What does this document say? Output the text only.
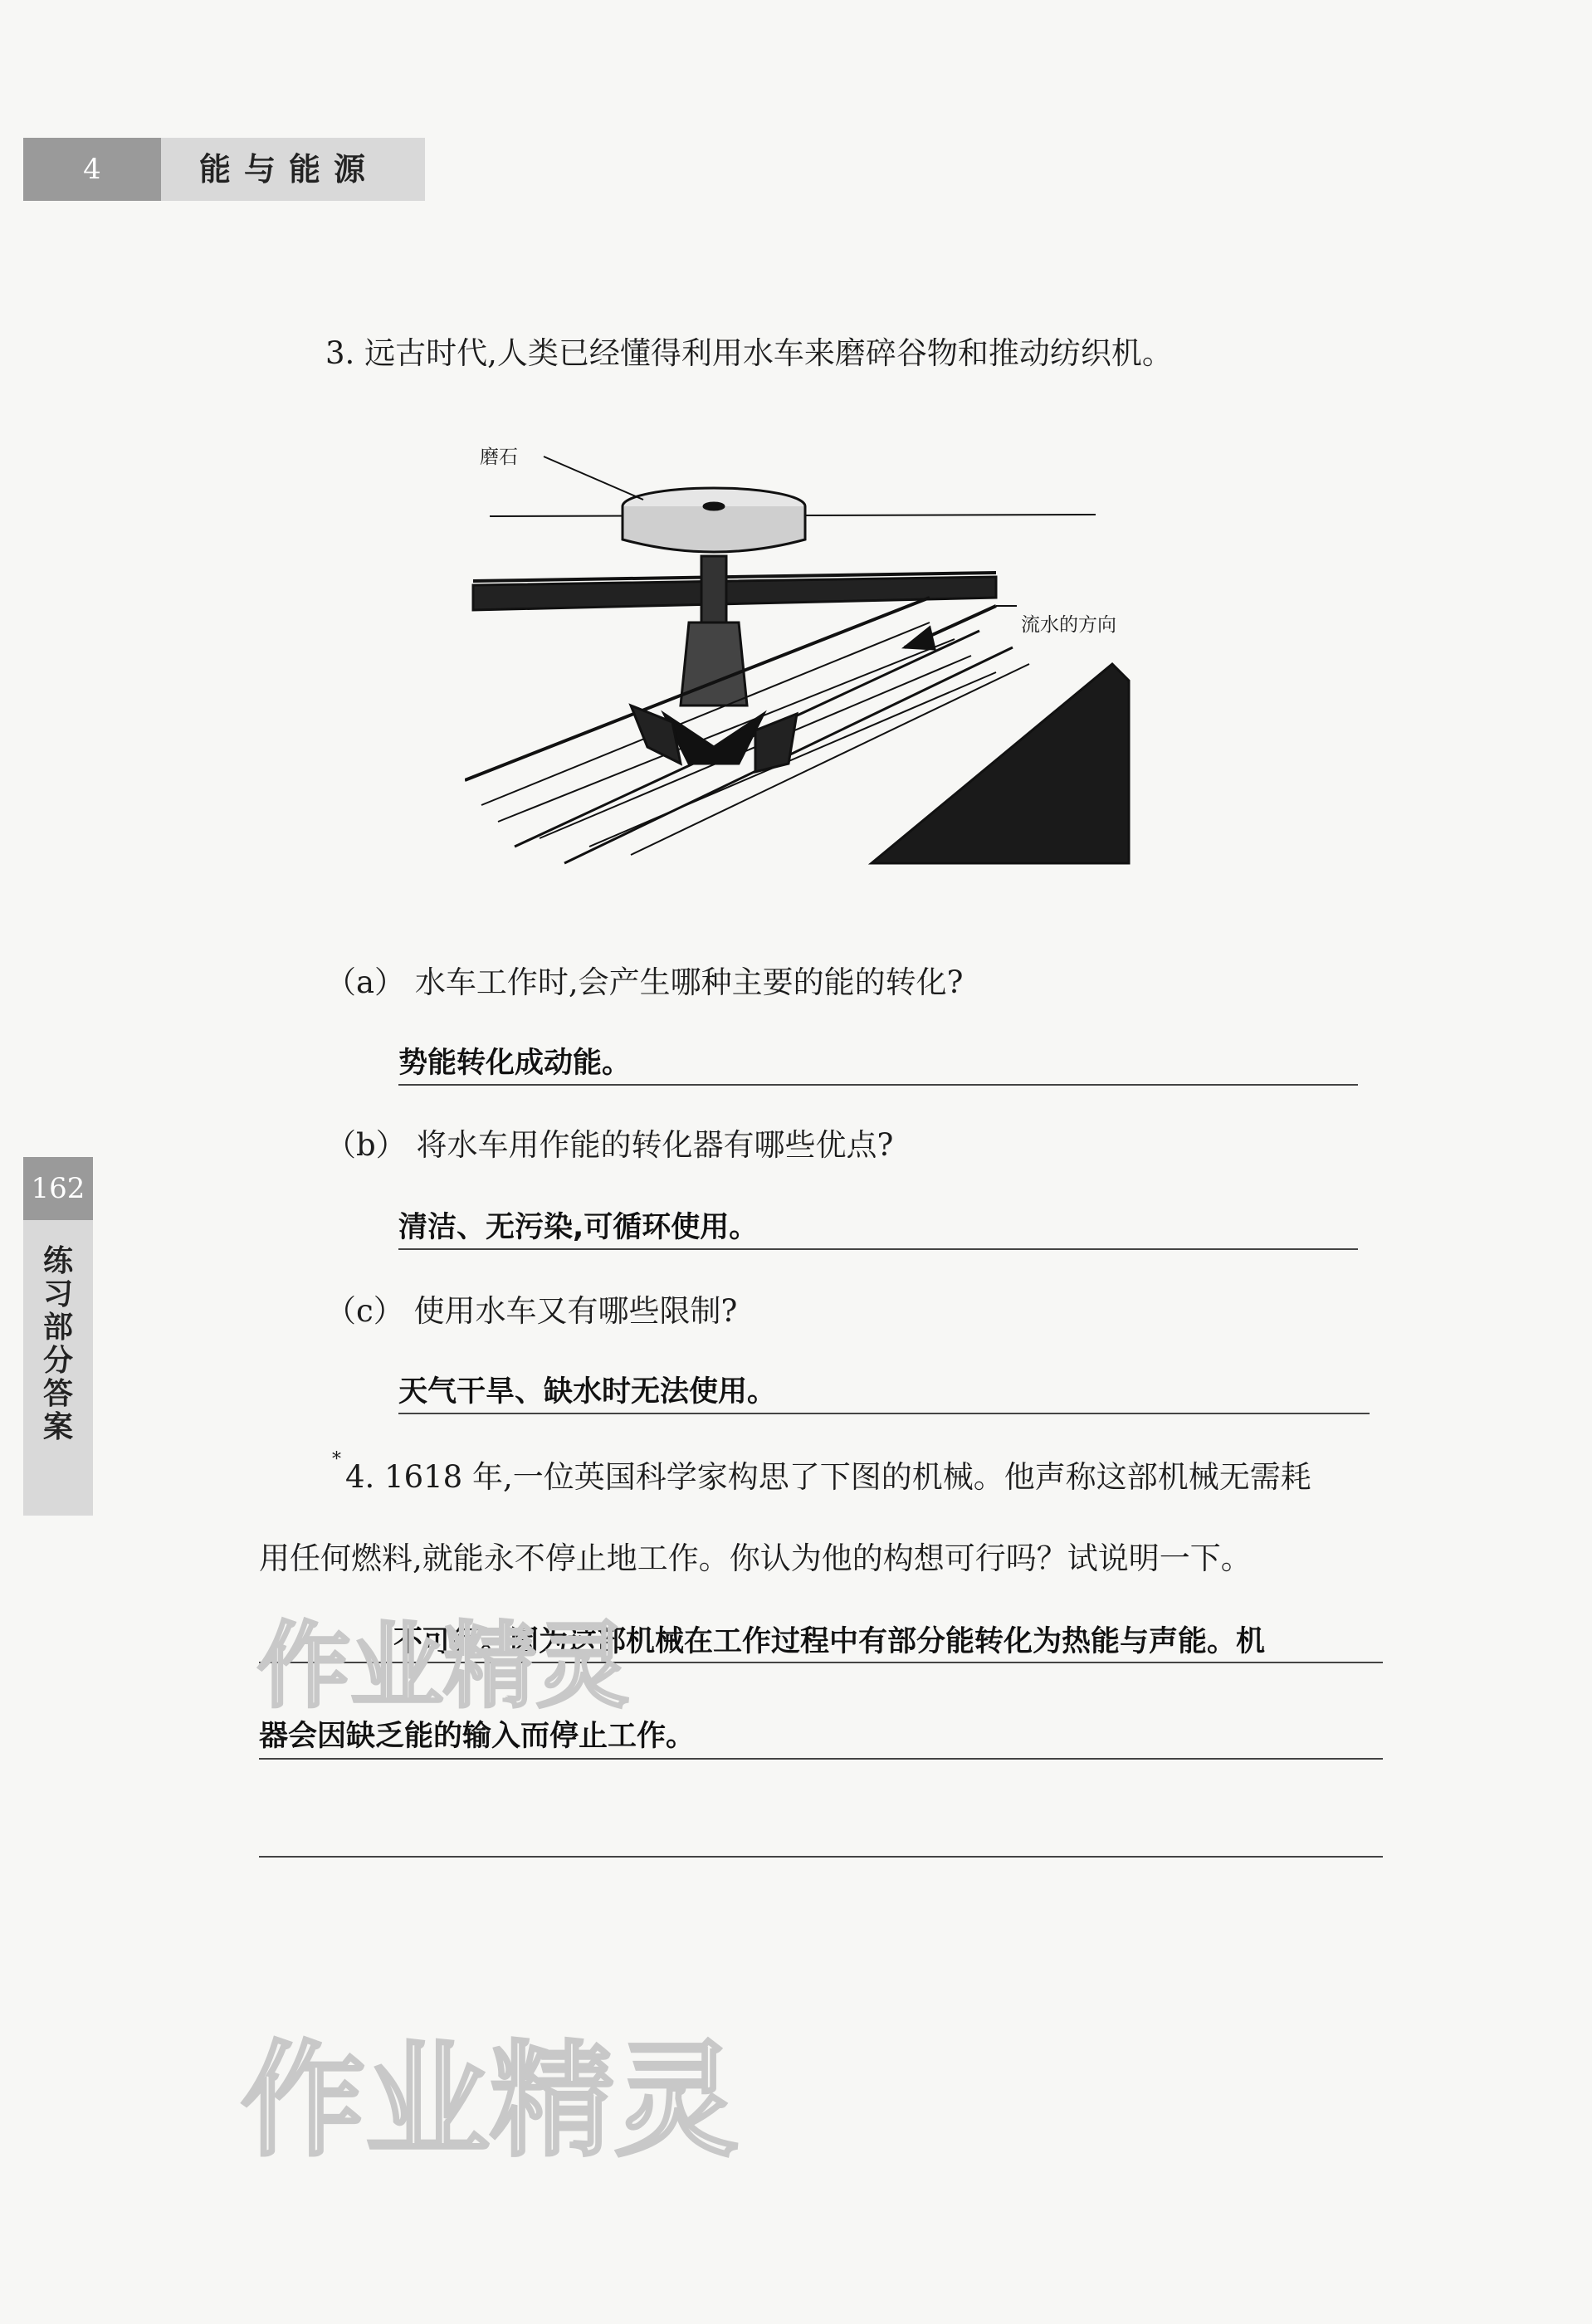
4	能与能源
162
练习部分答案
3. 远古时代,人类已经懂得利用水车来磨碎谷物和推动纺织机。
磨石
流水的方向
（a） 水车工作时,会产生哪种主要的能的转化?
势能转化成动能。
（b） 将水车用作能的转化器有哪些优点?
清洁、无污染,可循环使用。
（c） 使用水车又有哪些限制?
天气干旱、缺水时无法使用。
* 4. 1618 年,一位英国科学家构思了下图的机械。他声称这部机械无需耗
用任何燃料,就能永不停止地工作。你认为他的构想可行吗？试说明一下。
不可行。因为这部机械在工作过程中有部分能转化为热能与声能。机
器会因缺乏能的输入而停止工作。
作业精灵
作业精灵
